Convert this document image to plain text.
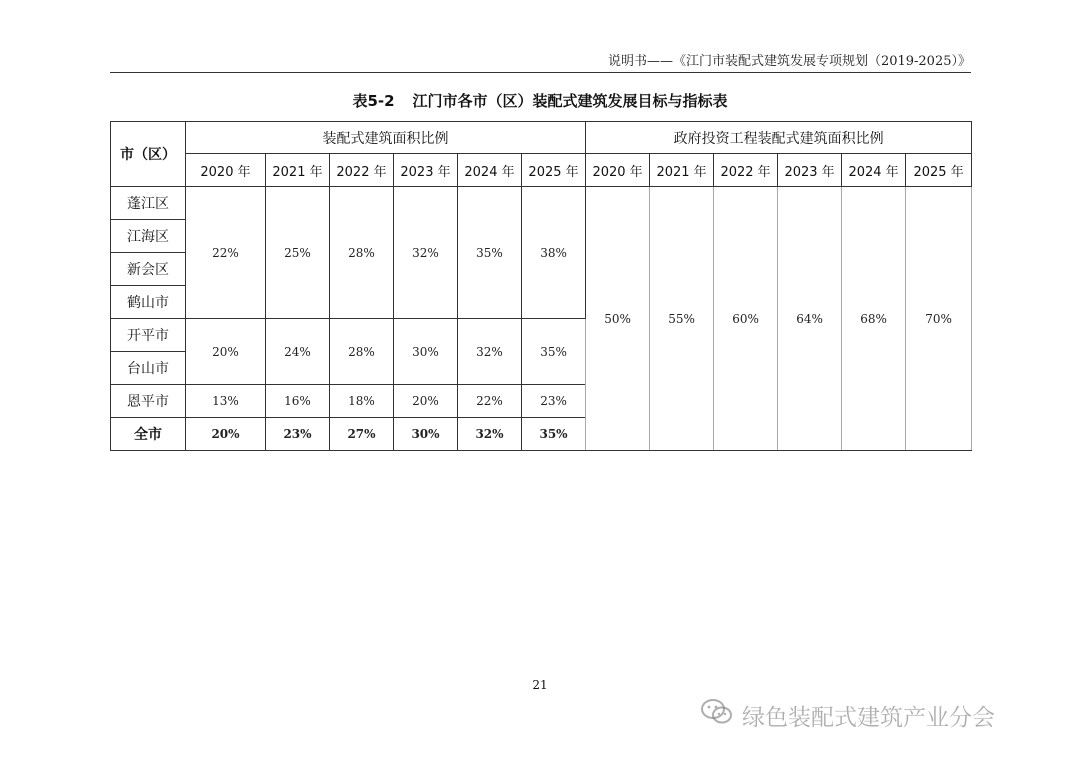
说明书——《江门市装配式建筑发展专项规划（2019-2025）》
表5-2 江门市各市（区）装配式建筑发展目标与指标表
市（区）	装配式建筑面积比例						政府投资工程装配式建筑面积比例					
	2020 年	2021 年	2022 年	2023 年	2024 年	2025 年	2020 年	2021 年	2022 年	2023 年	2024 年	2025 年
蓬江区	22%	25%	28%	32%	35%	38%	50%	55%	60%	64%	68%	70%
江海区												
新会区												
鹤山市												
开平市	20%	24%	28%	30%	32%	35%						
台山市												
恩平市	13%	16%	18%	20%	22%	23%						
全市	20%	23%	27%	30%	32%	35%						
21
绿色装配式建筑产业分会
